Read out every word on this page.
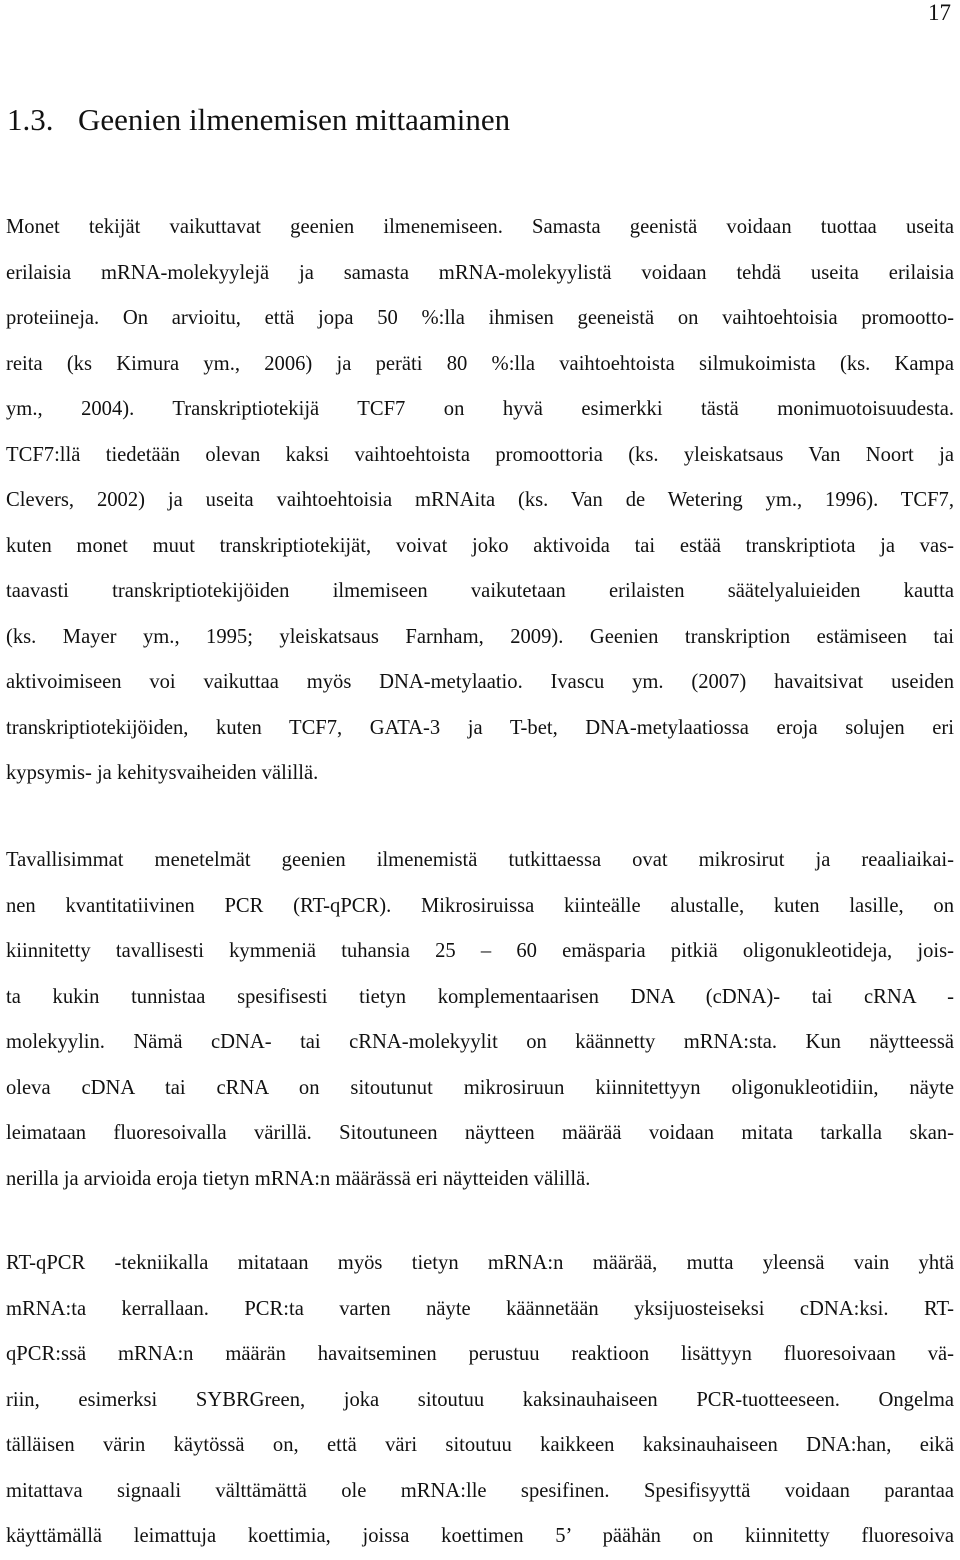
17
1.3. Geenien ilmenemisen mittaaminen
Monet tekijät vaikuttavat geenien ilmenemiseen. Samasta geenistä voidaan tuottaa useita
erilaisia mRNA-molekyylejä ja samasta mRNA-molekyylistä voidaan tehdä useita erilaisia
proteiineja. On arvioitu, että jopa 50 %:lla ihmisen geeneistä on vaihtoehtoisia promootto-
reita (ks Kimura ym., 2006) ja peräti 80 %:lla vaihtoehtoista silmukoimista (ks. Kampa
ym., 2004). Transkriptiotekijä TCF7 on hyvä esimerkki tästä monimuotoisuudesta.
TCF7:llä tiedetään olevan kaksi vaihtoehtoista promoottoria (ks. yleiskatsaus Van Noort ja
Clevers, 2002) ja useita vaihtoehtoisia mRNAita (ks. Van de Wetering ym., 1996). TCF7,
kuten monet muut transkriptiotekijät, voivat joko aktivoida tai estää transkriptiota ja vas-
taavasti transkriptiotekijöiden ilmemiseen vaikutetaan erilaisten säätelyaluieiden kautta
(ks. Mayer ym., 1995; yleiskatsaus Farnham, 2009). Geenien transkription estämiseen tai
aktivoimiseen voi vaikuttaa myös DNA-metylaatio. Ivascu ym. (2007) havaitsivat useiden
transkriptiotekijöiden, kuten TCF7, GATA-3 ja T-bet, DNA-metylaatiossa eroja solujen eri
kypsymis- ja kehitysvaiheiden välillä.
Tavallisimmat menetelmät geenien ilmenemistä tutkittaessa ovat mikrosirut ja reaaliaikai-
nen kvantitatiivinen PCR (RT-qPCR). Mikrosiruissa kiinteälle alustalle, kuten lasille, on
kiinnitetty tavallisesti kymmeniä tuhansia 25 – 60 emäsparia pitkiä oligonukleotideja, jois-
ta kukin tunnistaa spesifisesti tietyn komplementaarisen DNA (cDNA)- tai cRNA -
molekyylin. Nämä cDNA- tai cRNA-molekyylit on käännetty mRNA:sta. Kun näytteessä
oleva cDNA tai cRNA on sitoutunut mikrosiruun kiinnitettyyn oligonukleotidiin, näyte
leimataan fluoresoivalla värillä. Sitoutuneen näytteen määrää voidaan mitata tarkalla skan-
nerilla ja arvioida eroja tietyn mRNA:n määrässä eri näytteiden välillä.
RT-qPCR -tekniikalla mitataan myös tietyn mRNA:n määrää, mutta yleensä vain yhtä
mRNA:ta kerrallaan. PCR:ta varten näyte käännetään yksijuosteiseksi cDNA:ksi. RT-
qPCR:ssä mRNA:n määrän havaitseminen perustuu reaktioon lisättyyn fluoresoivaan vä-
riin, esimerksi SYBRGreen, joka sitoutuu kaksinauhaiseen PCR-tuotteeseen. Ongelma
tälläisen värin käytössä on, että väri sitoutuu kaikkeen kaksinauhaiseen DNA:han, eikä
mitattava signaali välttämättä ole mRNA:lle spesifinen. Spesifisyyttä voidaan parantaa
käyttämällä leimattuja koettimia, joissa koettimen 5’ päähän on kiinnitetty fluoresoiva
